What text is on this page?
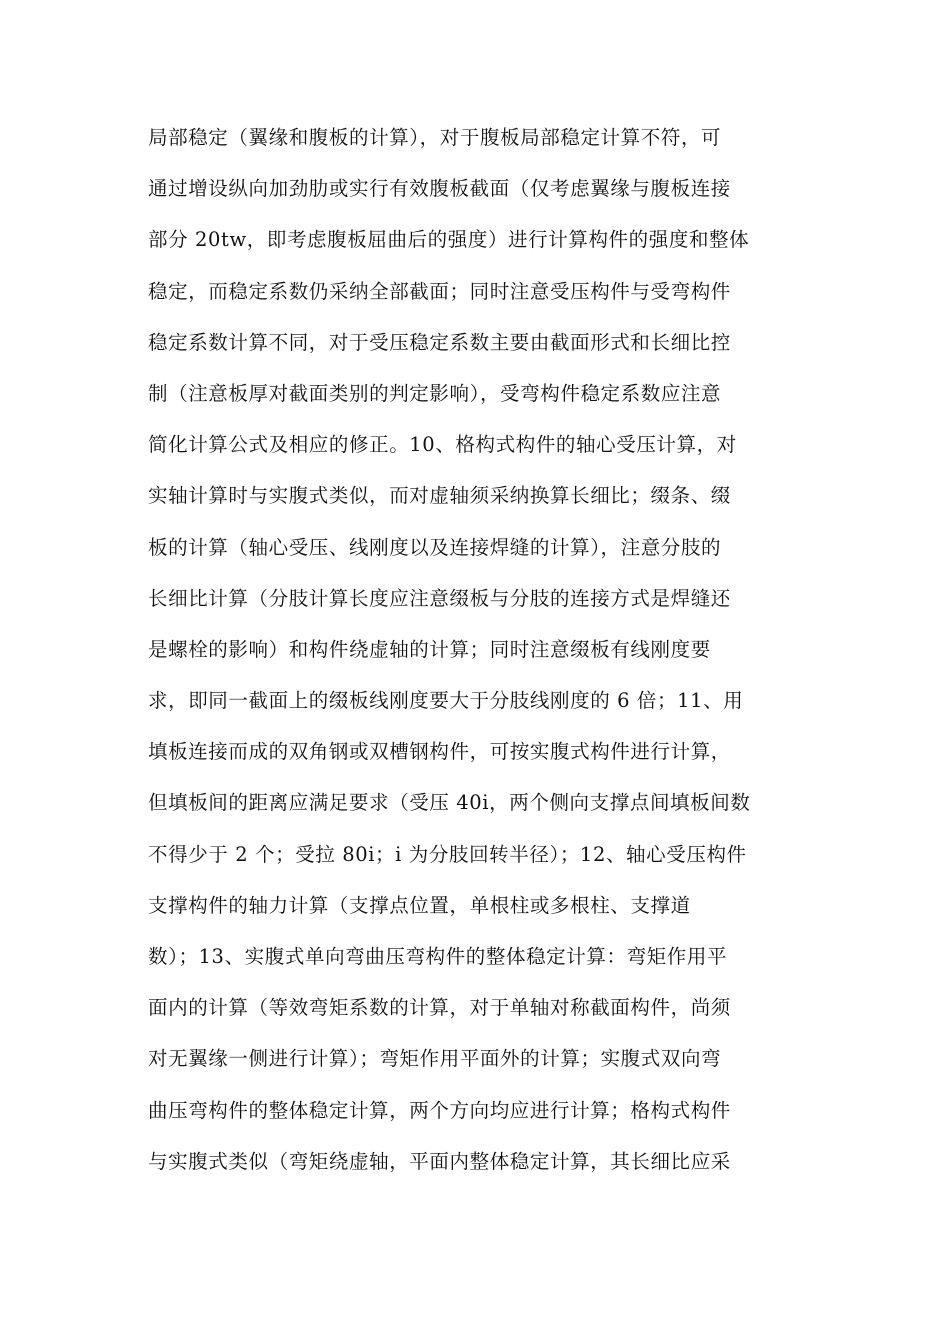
局部稳定（翼缘和腹板的计算），对于腹板局部稳定计算不符，可
通过增设纵向加劲肋或实行有效腹板截面（仅考虑翼缘与腹板连接
部分 20tw，即考虑腹板屈曲后的强度）进行计算构件的强度和整体
稳定，而稳定系数仍采纳全部截面；同时注意受压构件与受弯构件
稳定系数计算不同，对于受压稳定系数主要由截面形式和长细比控
制（注意板厚对截面类别的判定影响），受弯构件稳定系数应注意
简化计算公式及相应的修正。10、格构式构件的轴心受压计算，对
实轴计算时与实腹式类似，而对虚轴须采纳换算长细比；缀条、缀
板的计算（轴心受压、线刚度以及连接焊缝的计算），注意分肢的
长细比计算（分肢计算长度应注意缀板与分肢的连接方式是焊缝还
是螺栓的影响）和构件绕虚轴的计算；同时注意缀板有线刚度要
求，即同一截面上的缀板线刚度要大于分肢线刚度的 6 倍；11、用
填板连接而成的双角钢或双槽钢构件，可按实腹式构件进行计算，
但填板间的距离应满足要求（受压 40i，两个侧向支撑点间填板间数
不得少于 2 个；受拉 80i；i 为分肢回转半径）；12、轴心受压构件
支撑构件的轴力计算（支撑点位置，单根柱或多根柱、支撑道
数）；13、实腹式单向弯曲压弯构件的整体稳定计算：弯矩作用平
面内的计算（等效弯矩系数的计算，对于单轴对称截面构件，尚须
对无翼缘一侧进行计算）；弯矩作用平面外的计算；实腹式双向弯
曲压弯构件的整体稳定计算，两个方向均应进行计算；格构式构件
与实腹式类似（弯矩绕虚轴，平面内整体稳定计算，其长细比应采
